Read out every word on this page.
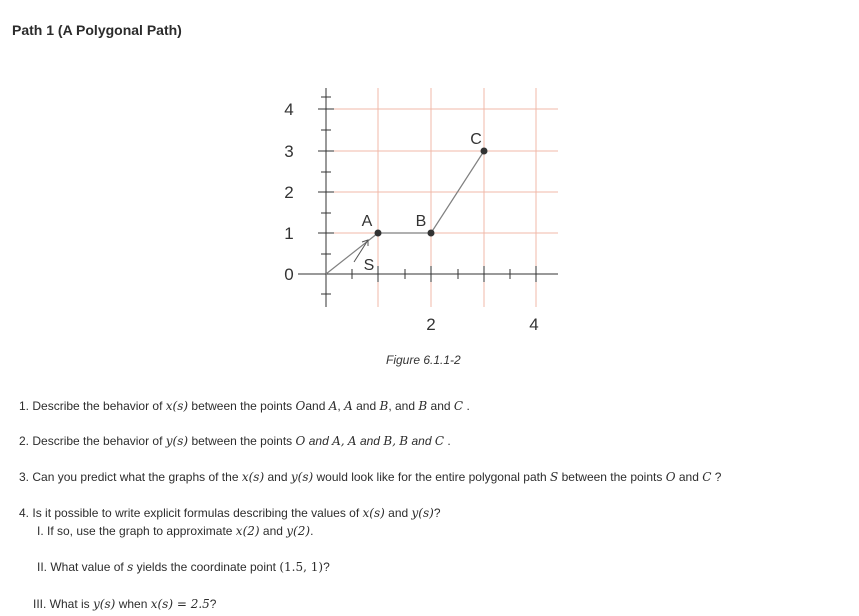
Path 1 (A Polygonal Path)
4
3
2
1
0
2	4
A	B
C
S
Figure 6.1.1-2
1. Describe the behavior of x(s) between the points Oand A, A and B, and B and C .
2. Describe the behavior of y(s) between the points O and A, A and B, B and C .
3. Can you predict what the graphs of the x(s) and y(s) would look like for the entire polygonal path S between the points O and C ?
4. Is it possible to write explicit formulas describing the values of x(s) and y(s)?
I. If so, use the graph to approximate x(2) and y(2).
II. What value of s yields the coordinate point (1.5, 1)?
III. What is y(s) when x(s) = 2.5?
